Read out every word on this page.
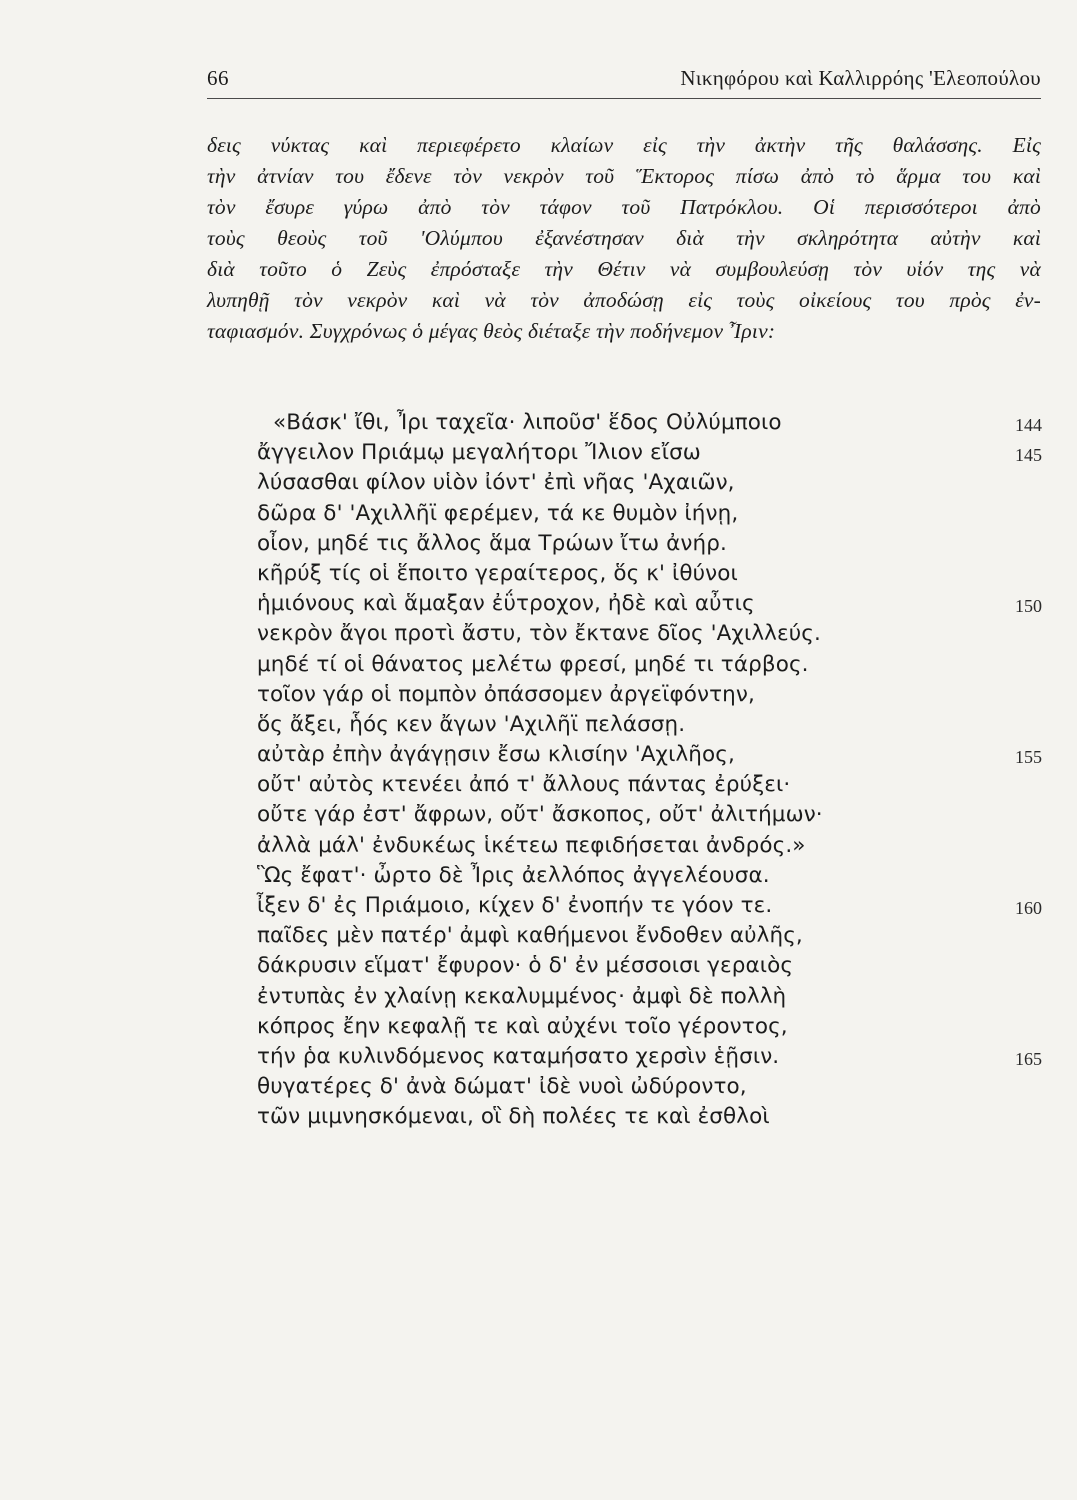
66	Νικηφόρου καὶ Καλλιρρόης 'Ελεοπούλου
δεις νύκτας καὶ περιεφέρετο κλαίων εἰς τὴν ἀκτὴν τῆς θαλάσσης. Εἰς
τὴν ἀτνίαν του ἔδενε τὸν νεκρὸν τοῦ Ἕκτορος πίσω ἀπὸ τὸ ἅρμα του καὶ
τὸν ἔσυρε γύρω ἀπὸ τὸν τάφον τοῦ Πατρόκλου. Οἱ περισσότεροι ἀπὸ
τοὺς θεοὺς τοῦ 'Ολύμπου ἐξανέστησαν διὰ τὴν σκληρότητα αὐτὴν καὶ
διὰ τοῦτο ὁ Ζεὺς ἐπρόσταξε τὴν Θέτιν νὰ συμβουλεύσῃ τὸν υἱόν της νὰ
λυπηθῇ τὸν νεκρὸν καὶ νὰ τὸν ἀποδώσῃ εἰς τοὺς οἰκείους του πρὸς ἐν-
ταφιασμόν. Συγχρόνως ὁ μέγας θεὸς διέταξε τὴν ποδήνεμον Ἶριν:
«Βάσκ' ἴθι, Ἶρι ταχεῖα· λιποῦσ' ἕδος Οὐλύμποιο	144
ἄγγειλον Πριάμῳ μεγαλήτορι Ἴλιον εἴσω	145
λύσασθαι φίλον υἱὸν ἰόντ' ἐπὶ νῆας 'Αχαιῶν,
δῶρα δ' 'Αχιλλῆϊ φερέμεν, τά κε θυμὸν ἰήνῃ,
οἶον, μηδέ τις ἄλλος ἅμα Τρώων ἴτω ἀνήρ.
κῆρύξ τίς οἱ ἕποιτο γεραίτερος, ὅς κ' ἰθύνοι
ἡμιόνους καὶ ἅμαξαν ἐΰτροχον, ἠδὲ καὶ αὖτις	150
νεκρὸν ἄγοι προτὶ ἄστυ, τὸν ἔκτανε δῖος 'Αχιλλεύς.
μηδέ τί οἱ θάνατος μελέτω φρεσί, μηδέ τι τάρβος.
τοῖον γάρ οἱ πομπὸν ὀπάσσομεν ἀργεϊφόντην,
ὅς ἄξει, ἧός κεν ἄγων 'Αχιλῆϊ πελάσσῃ.
αὐτὰρ ἐπὴν ἀγάγῃσιν ἔσω κλισίην 'Αχιλῆος,	155
οὔτ' αὐτὸς κτενέει ἀπό τ' ἄλλους πάντας ἐρύξει·
οὔτε γάρ ἐστ' ἄφρων, οὔτ' ἄσκοπος, οὔτ' ἀλιτήμων·
ἀλλὰ μάλ' ἐνδυκέως ἱκέτεω πεφιδήσεται ἀνδρός.»
Ὣς ἔφατ'· ὦρτο δὲ Ἶρις ἀελλόπος ἀγγελέουσα.
ἶξεν δ' ἐς Πριάμοιο, κίχεν δ' ἐνοπήν τε γόον τε.	160
παῖδες μὲν πατέρ' ἀμφὶ καθήμενοι ἔνδοθεν αὐλῆς,
δάκρυσιν εἵματ' ἔφυρον· ὁ δ' ἐν μέσσοισι γεραιὸς
ἐντυπὰς ἐν χλαίνῃ κεκαλυμμένος· ἀμφὶ δὲ πολλὴ
κόπρος ἔην κεφαλῇ τε καὶ αὐχένι τοῖο γέροντος,
τήν ῥα κυλινδόμενος καταμήσατο χερσὶν ἑῇσιν.	165
θυγατέρες δ' ἀνὰ δώματ' ἰδὲ νυοὶ ὠδύροντο,
τῶν μιμνησκόμεναι, οἳ δὴ πολέες τε καὶ ἐσθλοὶ
